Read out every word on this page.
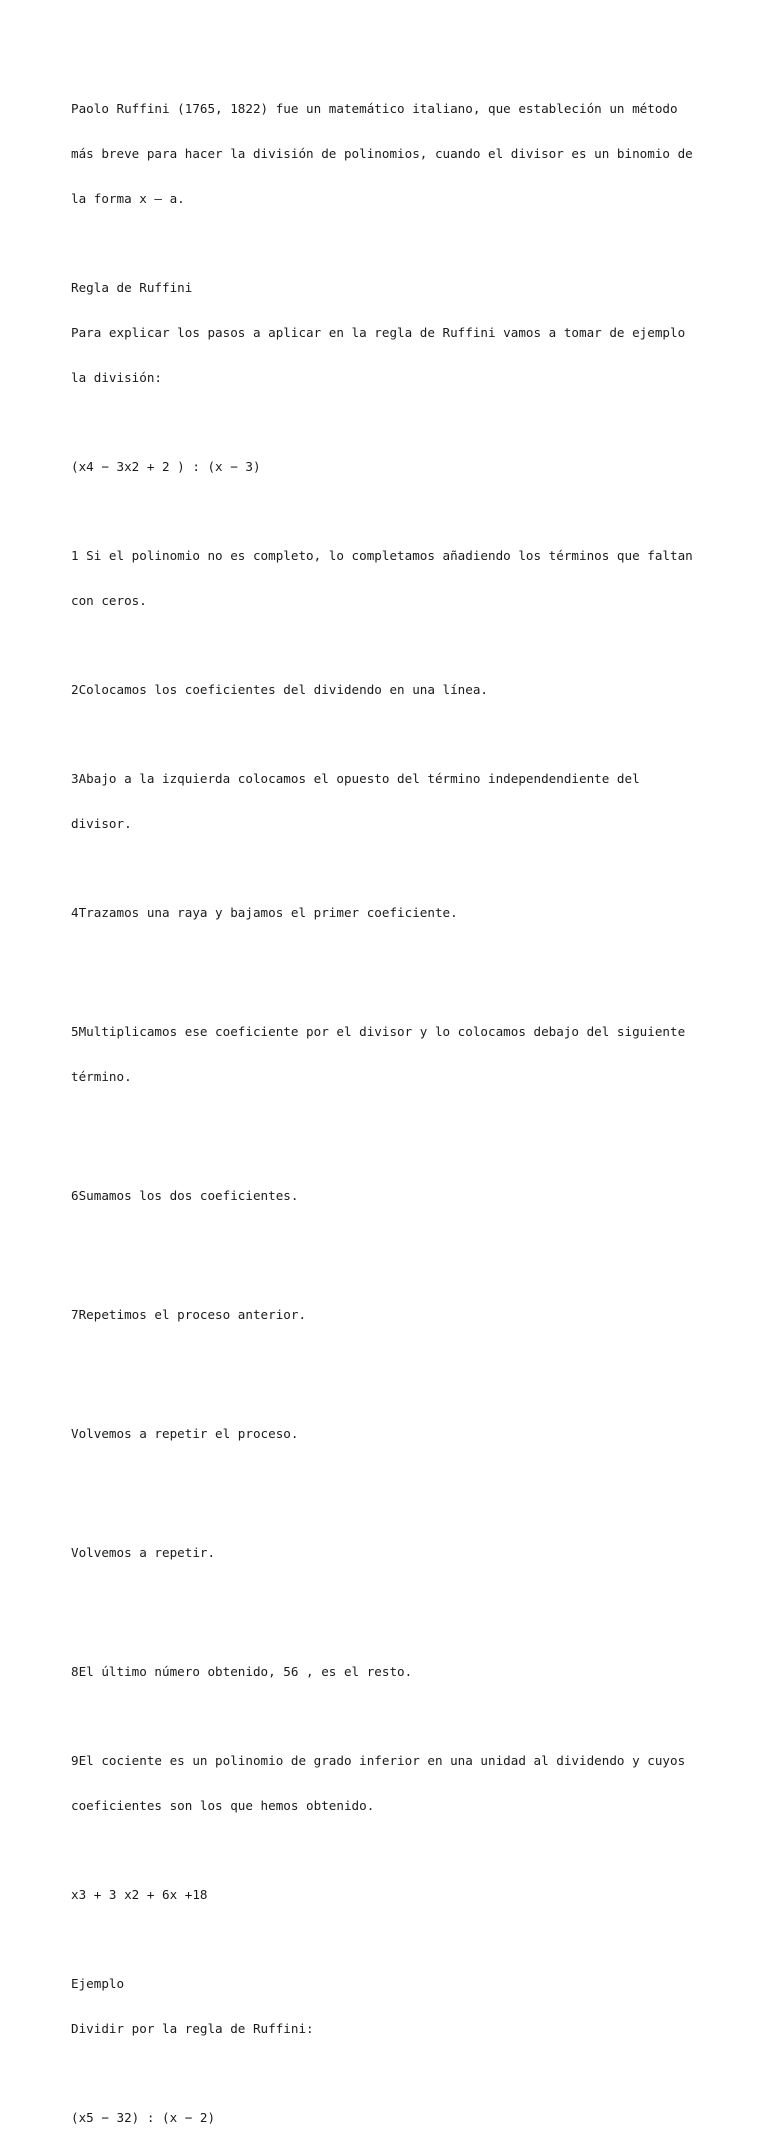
Paolo Ruffini (1765, 1822) fue un matemático italiano, que estableción un método

más breve para hacer la división de polinomios, cuando el divisor es un binomio de

la forma x — a.

Regla de Ruffini

Para explicar los pasos a aplicar en la regla de Ruffini vamos a tomar de ejemplo

la división:

(x4 − 3x2 + 2 ) : (x − 3)

1 Si el polinomio no es completo, lo completamos añadiendo los términos que faltan

con ceros.

2Colocamos los coeficientes del dividendo en una línea.

3Abajo a la izquierda colocamos el opuesto del término independendiente del

divisor.

4Trazamos una raya y bajamos el primer coeficiente.

5Multiplicamos ese coeficiente por el divisor y lo colocamos debajo del siguiente

término.

6Sumamos los dos coeficientes.

7Repetimos el proceso anterior.

Volvemos a repetir el proceso.

Volvemos a repetir.

8El último número obtenido, 56 , es el resto.

9El cociente es un polinomio de grado inferior en una unidad al dividendo y cuyos

coeficientes son los que hemos obtenido.

x3 + 3 x2 + 6x +18

Ejemplo

Dividir por la regla de Ruffini:

(x5 − 32) : (x − 2)
